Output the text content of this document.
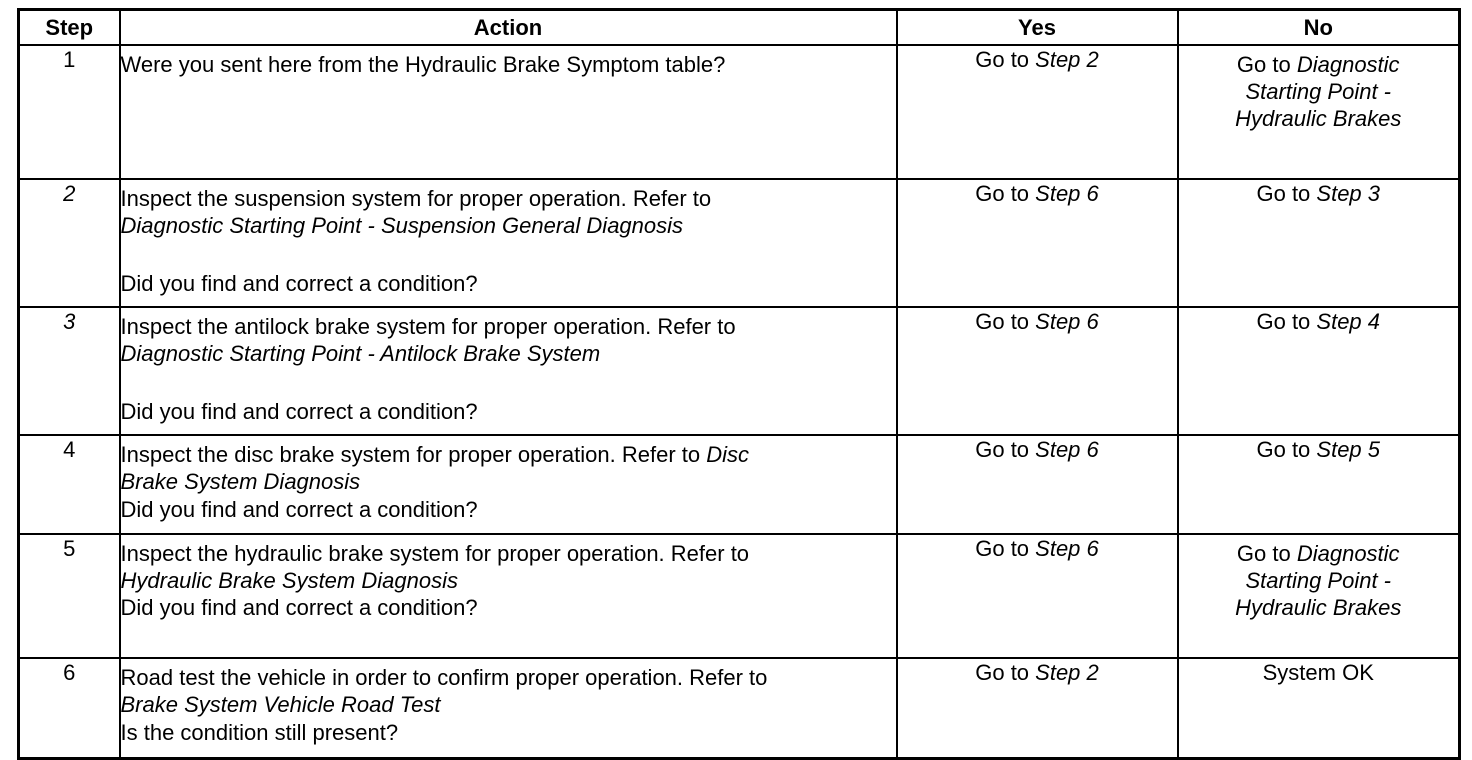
Step	Action	Yes	No
1	Were you sent here from the Hydraulic Brake Symptom table?	Go to Step 2	Go to Diagnostic
Starting Point -
Hydraulic Brakes

2	Inspect the suspension system for proper operation. Refer to
Diagnostic Starting Point - Suspension General Diagnosis
Did you find and correct a condition?	Go to Step 6	Go to Step 3
3	Inspect the antilock brake system for proper operation. Refer to
Diagnostic Starting Point - Antilock Brake System
Did you find and correct a condition?	Go to Step 6	Go to Step 4
4	Inspect the disc brake system for proper operation. Refer to Disc
Brake System Diagnosis
Did you find and correct a condition?	Go to Step 6	Go to Step 5
5	Inspect the hydraulic brake system for proper operation. Refer to
Hydraulic Brake System Diagnosis
Did you find and correct a condition?	Go to Step 6	Go to Diagnostic
Starting Point -
Hydraulic Brakes

6	Road test the vehicle in order to confirm proper operation. Refer to
Brake System Vehicle Road Test
Is the condition still present?	Go to Step 2	System OK
